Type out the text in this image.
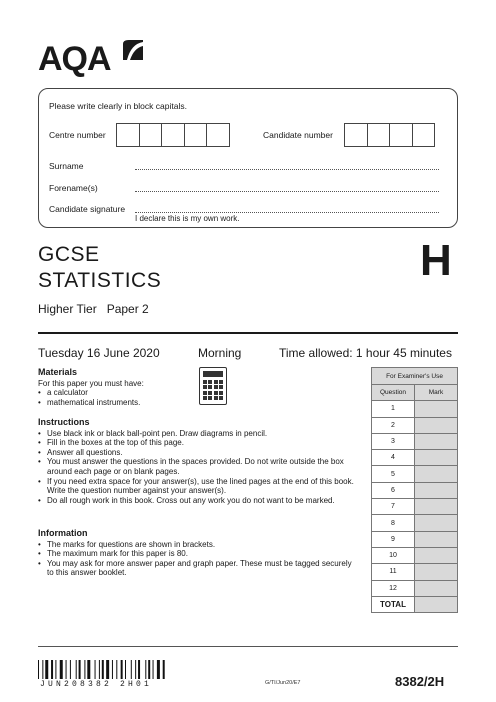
AQA
Please write clearly in block capitals.
Centre number	Candidate number
Surname
Forename(s)
Candidate signature
I declare this is my own work.
GCSE
STATISTICS
Higher Tier   Paper 2
H
Tuesday 16 June 2020	Morning	Time allowed: 1 hour 45 minutes
Materials
For this paper you must have:
• a calculator
• mathematical instruments.
Instructions
• Use black ink or black ball-point pen. Draw diagrams in pencil.
• Fill in the boxes at the top of this page.
• Answer all questions.
• You must answer the questions in the spaces provided. Do not write outside the box around each page or on blank pages.
• If you need extra space for your answer(s), use the lined pages at the end of this book. Write the question number against your answer(s).
• Do all rough work in this book. Cross out any work you do not want to be marked.
Information
• The marks for questions are shown in brackets.
• The maximum mark for this paper is 80.
• You may ask for more answer paper and graph paper. These must be tagged securely to this answer booklet.
For Examiner's Use	
Question	Mark
1	
2	
3	
4	
5	
6	
7	
8	
9	
10	
11	
12	
TOTAL	
JUN208382 2H01	G/TI/Jun20/E7	8382/2H
